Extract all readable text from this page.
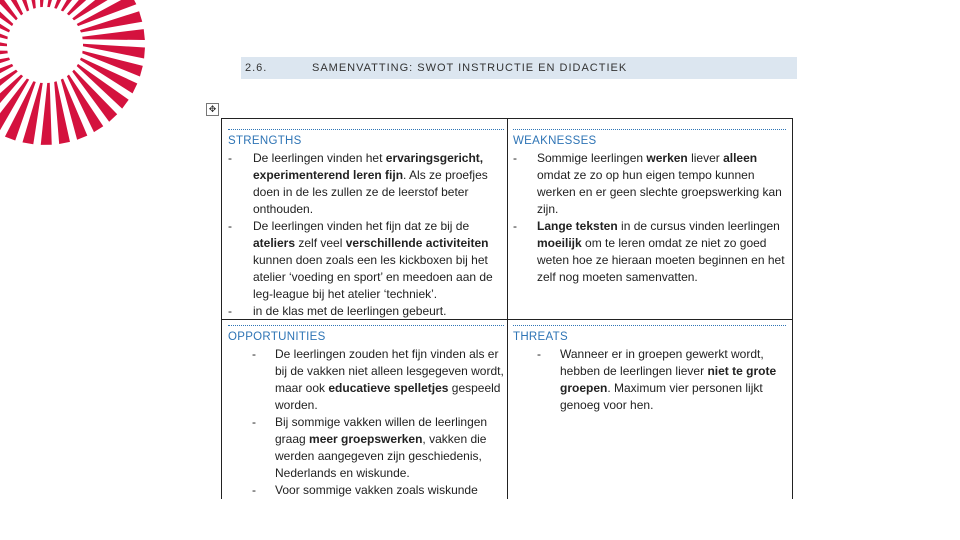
2.6.	SAMENVATTING: SWOT INSTRUCTIE EN DIDACTIEK
✥
STRENGTHS
- De leerlingen vinden het ervaringsgericht, experimenterend leren fijn. Als ze proefjes doen in de les zullen ze de leerstof beter onthouden.
- De leerlingen vinden het fijn dat ze bij de ateliers zelf veel verschillende activiteiten kunnen doen zoals een les kickboxen bij het atelier ‘voeding en sport’ en meedoen aan de leg-league bij het atelier ‘techniek’.
- in de klas met de leerlingen gebeurt.
WEAKNESSES
- Sommige leerlingen werken liever alleen omdat ze zo op hun eigen tempo kunnen werken en er geen slechte groepswerking kan zijn.
- Lange teksten in de cursus vinden leerlingen moeilijk om te leren omdat ze niet zo goed weten hoe ze hieraan moeten beginnen en het zelf nog moeten samenvatten.
OPPORTUNITIES
- De leerlingen zouden het fijn vinden als er bij de vakken niet alleen lesgegeven wordt, maar ook educatieve spelletjes gespeeld worden.
- Bij sommige vakken willen de leerlingen graag meer groepswerken, vakken die werden aangegeven zijn geschiedenis, Nederlands en wiskunde.
- Voor sommige vakken zoals wiskunde
THREATS
- Wanneer er in groepen gewerkt wordt, hebben de leerlingen liever niet te grote groepen. Maximum vier personen lijkt genoeg voor hen.
